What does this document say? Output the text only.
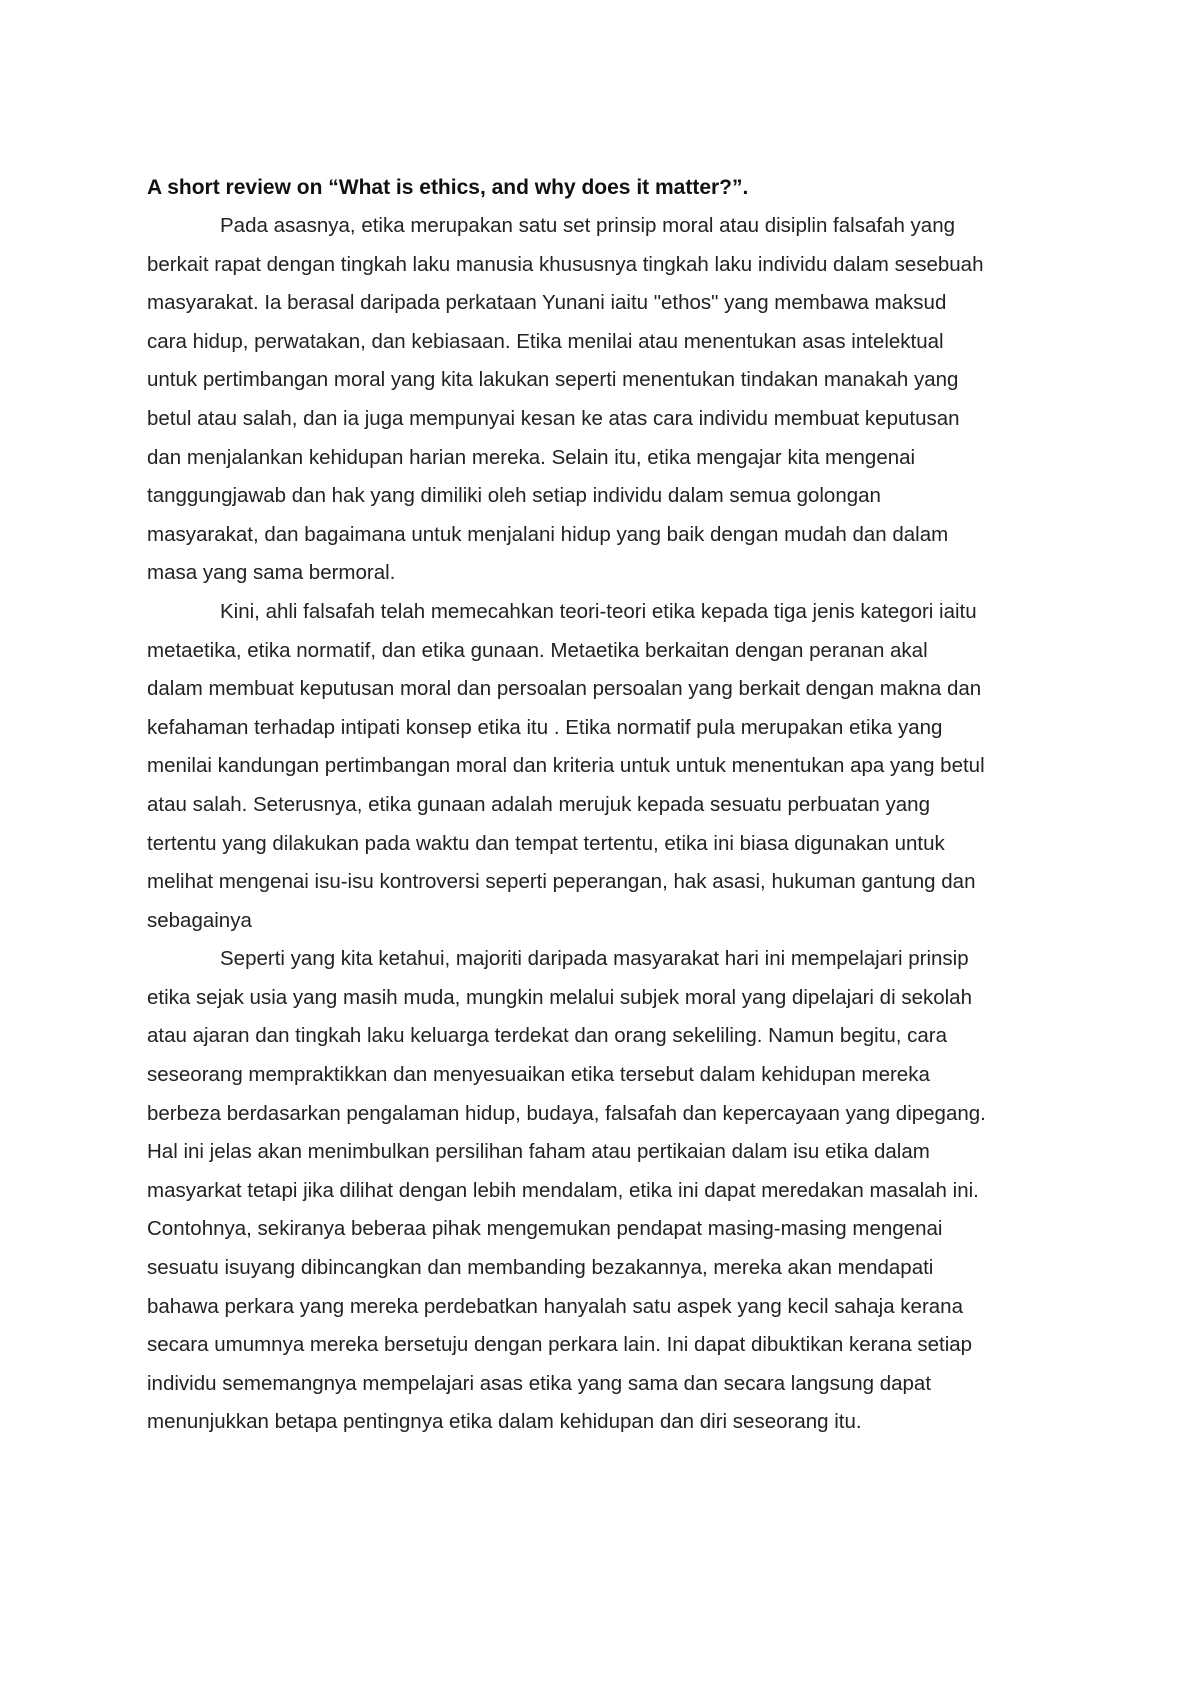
A short review on “What is ethics, and why does it matter?”.

Pada asasnya, etika merupakan satu set prinsip moral atau disiplin falsafah yang
berkait rapat dengan tingkah laku manusia khususnya tingkah laku individu dalam sesebuah
masyarakat. Ia berasal daripada perkataan Yunani iaitu "ethos" yang membawa maksud
cara hidup, perwatakan, dan kebiasaan. Etika menilai atau menentukan asas intelektual
untuk pertimbangan moral yang kita lakukan seperti menentukan tindakan manakah yang
betul atau salah, dan ia juga mempunyai kesan ke atas cara individu membuat keputusan
dan menjalankan kehidupan harian mereka. Selain itu, etika mengajar kita mengenai
tanggungjawab dan hak yang dimiliki oleh setiap individu dalam semua golongan
masyarakat, dan bagaimana untuk menjalani hidup yang baik dengan mudah dan dalam
masa yang sama bermoral.

Kini, ahli falsafah telah memecahkan teori-teori etika kepada tiga jenis kategori iaitu
metaetika, etika normatif, dan etika gunaan. Metaetika berkaitan dengan peranan akal
dalam membuat keputusan moral dan persoalan persoalan yang berkait dengan makna dan
kefahaman terhadap intipati konsep etika itu . Etika normatif pula merupakan etika yang
menilai kandungan pertimbangan moral dan kriteria untuk untuk menentukan apa yang betul
atau salah. Seterusnya, etika gunaan adalah merujuk kepada sesuatu perbuatan yang
tertentu yang dilakukan pada waktu dan tempat tertentu, etika ini biasa digunakan untuk
melihat mengenai isu-isu kontroversi seperti peperangan, hak asasi, hukuman gantung dan
sebagainya

Seperti yang kita ketahui, majoriti daripada masyarakat hari ini mempelajari prinsip
etika sejak usia yang masih muda, mungkin melalui subjek moral yang dipelajari di sekolah
atau ajaran dan tingkah laku keluarga terdekat dan orang sekeliling. Namun begitu, cara
seseorang mempraktikkan dan menyesuaikan etika tersebut dalam kehidupan mereka
berbeza berdasarkan pengalaman hidup, budaya, falsafah dan kepercayaan yang dipegang.
Hal ini jelas akan menimbulkan persilihan faham atau pertikaian dalam isu etika dalam
masyarkat tetapi jika dilihat dengan lebih mendalam, etika ini dapat meredakan masalah ini.
Contohnya, sekiranya beberaa pihak mengemukan pendapat masing-masing mengenai
sesuatu isuyang dibincangkan dan membanding bezakannya, mereka akan mendapati
bahawa perkara yang mereka perdebatkan hanyalah satu aspek yang kecil sahaja kerana
secara umumnya mereka bersetuju dengan perkara lain. Ini dapat dibuktikan kerana setiap
individu sememangnya mempelajari asas etika yang sama dan secara langsung dapat
menunjukkan betapa pentingnya etika dalam kehidupan dan diri seseorang itu.
